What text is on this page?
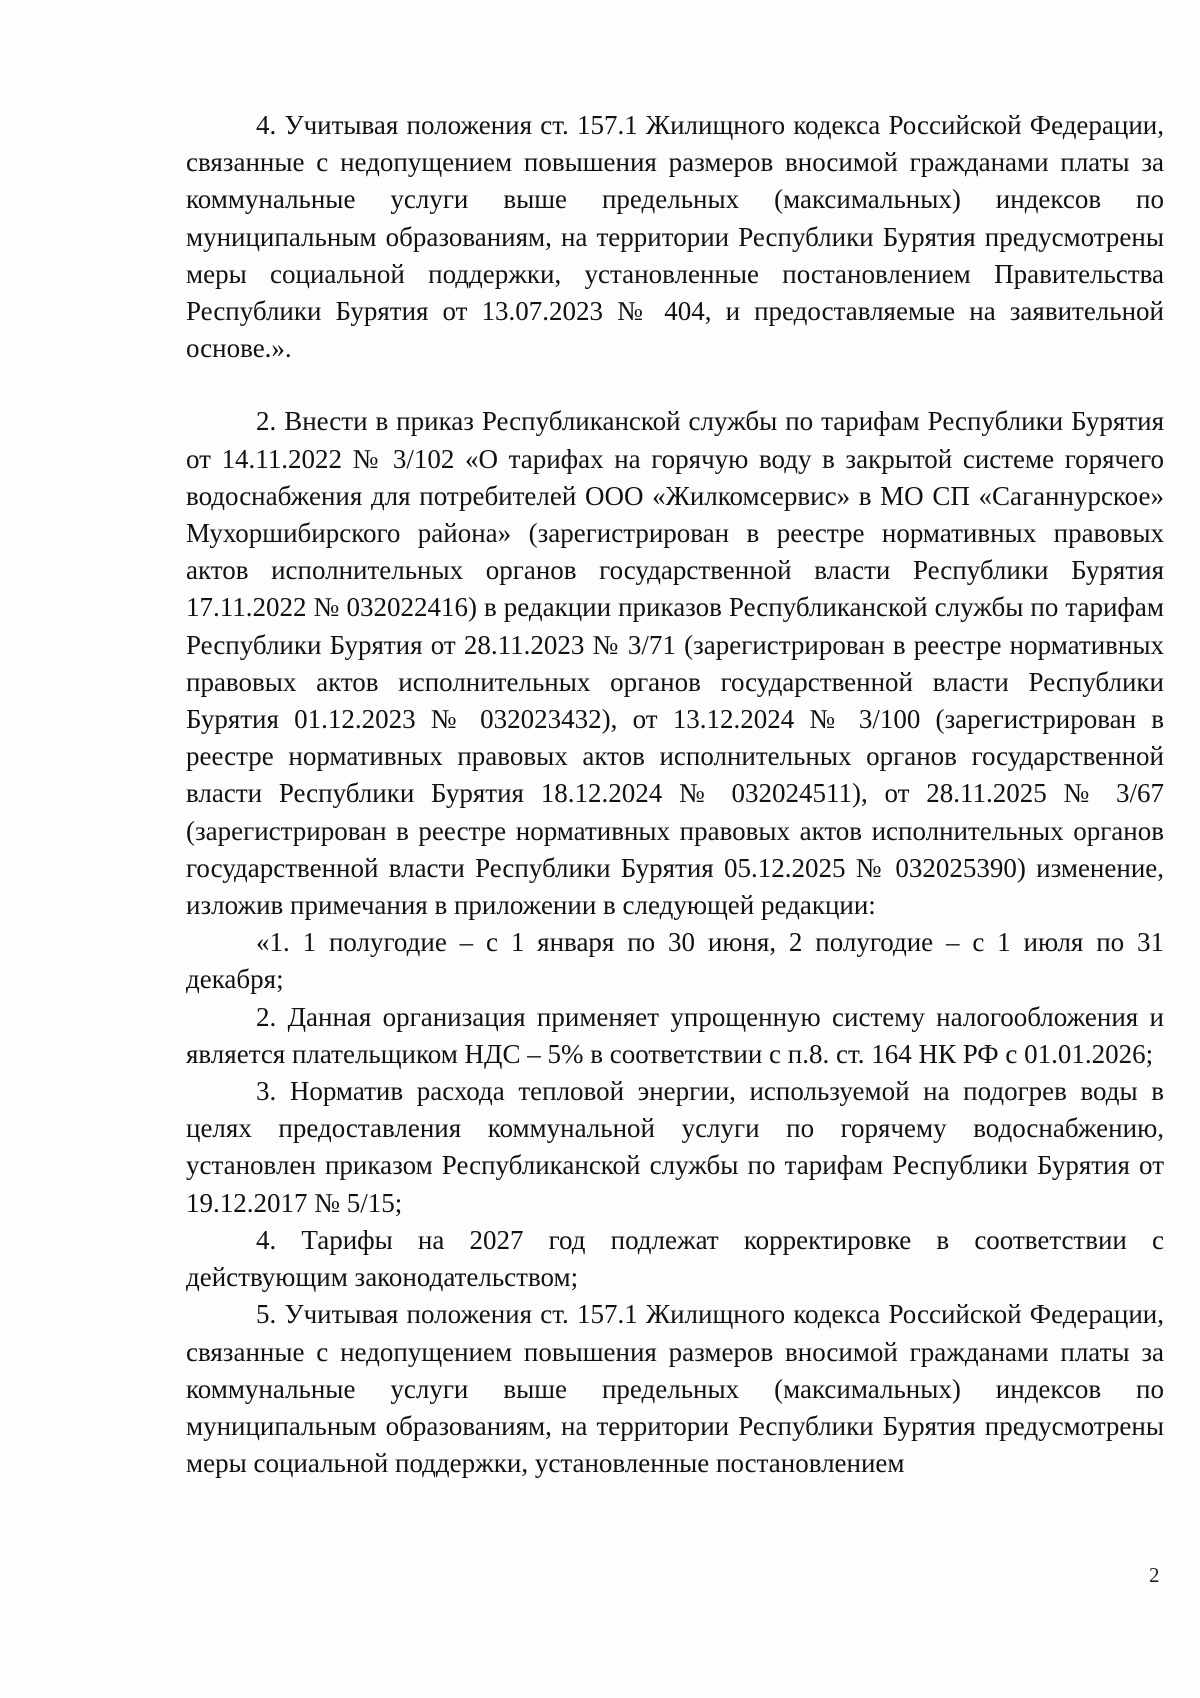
4. Учитывая положения ст. 157.1 Жилищного кодекса Российской Федерации, связанные с недопущением повышения размеров вносимой гражданами платы за коммунальные услуги выше предельных (максимальных) индексов по муниципальным образованиям, на территории Республики Бурятия предусмотрены меры социальной поддержки, установленные постановлением Правительства Республики Бурятия от 13.07.2023 № 404, и предоставляемые на заявительной основе.».

2. Внести в приказ Республиканской службы по тарифам Республики Бурятия от 14.11.2022 № 3/102 «О тарифах на горячую воду в закрытой системе горячего водоснабжения для потребителей ООО «Жилкомсервис» в МО СП «Саганнурское» Мухоршибирского района» (зарегистрирован в реестре нормативных правовых актов исполнительных органов государственной власти Республики Бурятия 17.11.2022 № 032022416) в редакции приказов Республиканской службы по тарифам Республики Бурятия от 28.11.2023 № 3/71 (зарегистрирован в реестре нормативных правовых актов исполнительных органов государственной власти Республики Бурятия 01.12.2023 № 032023432), от 13.12.2024 № 3/100 (зарегистрирован в реестре нормативных правовых актов исполнительных органов государственной власти Республики Бурятия 18.12.2024 № 032024511), от 28.11.2025 № 3/67 (зарегистрирован в реестре нормативных правовых актов исполнительных органов государственной власти Республики Бурятия 05.12.2025 № 032025390) изменение, изложив примечания в приложении в следующей редакции:

«1. 1 полугодие – с 1 января по 30 июня, 2 полугодие – с 1 июля по 31 декабря;

2. Данная организация применяет упрощенную систему налогообложения и является плательщиком НДС – 5% в соответствии с п.8. ст. 164 НК РФ с 01.01.2026;

3. Норматив расхода тепловой энергии, используемой на подогрев воды в целях предоставления коммунальной услуги по горячему водоснабжению, установлен приказом Республиканской службы по тарифам Республики Бурятия от 19.12.2017 № 5/15;

4. Тарифы на 2027 год подлежат корректировке в соответствии с действующим законодательством;

5. Учитывая положения ст. 157.1 Жилищного кодекса Российской Федерации, связанные с недопущением повышения размеров вносимой гражданами платы за коммунальные услуги выше предельных (максимальных) индексов по муниципальным образованиям, на территории Республики Бурятия предусмотрены меры социальной поддержки, установленные постановлением

2
